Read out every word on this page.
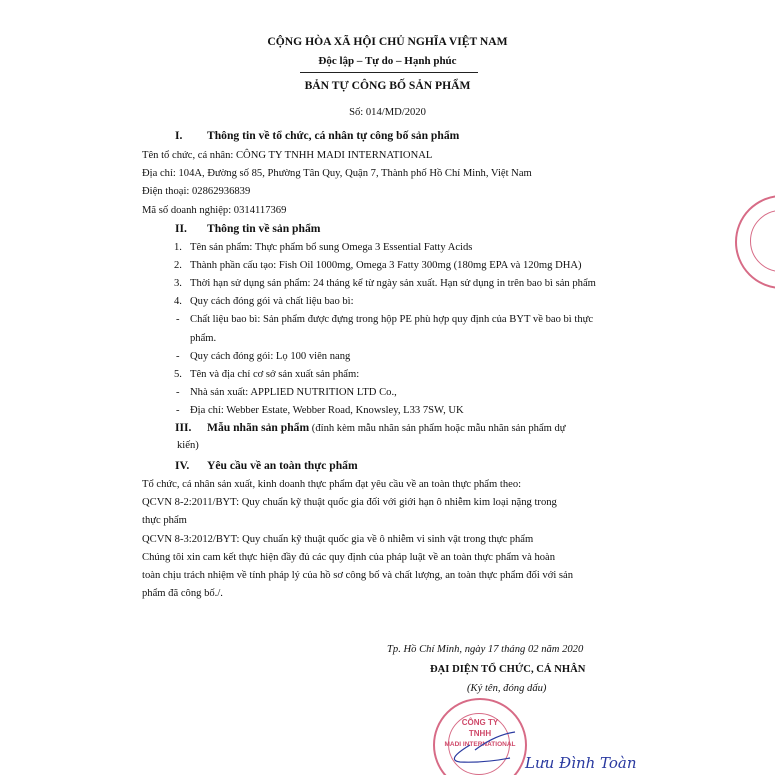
CỘNG HÒA XÃ HỘI CHỦ NGHĨA VIỆT NAM
Độc lập – Tự do – Hạnh phúc
BẢN TỰ CÔNG BỐ SẢN PHẨM
Số: 014/MD/2020
I. Thông tin về tổ chức, cá nhân tự công bố sản phẩm
Tên tổ chức, cá nhân: CÔNG TY TNHH MADI INTERNATIONAL
Địa chỉ: 104A, Đường số 85, Phường Tân Quy, Quận 7, Thành phố Hồ Chí Minh, Việt Nam
Điện thoại: 02862936839
Mã số doanh nghiệp: 0314117369
II. Thông tin về sản phẩm
1. Tên sản phẩm: Thực phẩm bổ sung Omega 3 Essential Fatty Acids
2. Thành phần cấu tạo: Fish Oil 1000mg, Omega 3 Fatty 300mg (180mg EPA và 120mg DHA)
3. Thời hạn sử dụng sản phẩm: 24 tháng kể từ ngày sản xuất. Hạn sử dụng in trên bao bì sản phẩm
4. Quy cách đóng gói và chất liệu bao bì:
- Chất liệu bao bì: Sản phẩm được đựng trong hộp PE phù hợp quy định của BYT về bao bì thực
phẩm.
- Quy cách đóng gói: Lọ 100 viên nang
5. Tên và địa chỉ cơ sở sản xuất sản phẩm:
- Nhà sản xuất: APPLIED NUTRITION LTD Co.,
- Địa chỉ: Webber Estate, Webber Road, Knowsley, L33 7SW, UK
III. Mẫu nhãn sản phẩm (đính kèm mẫu nhãn sản phẩm hoặc mẫu nhãn sản phẩm dự
kiến)
IV. Yêu cầu về an toàn thực phẩm
Tổ chức, cá nhân sản xuất, kinh doanh thực phẩm đạt yêu cầu về an toàn thực phẩm theo:
QCVN 8-2:2011/BYT: Quy chuẩn kỹ thuật quốc gia đối với giới hạn ô nhiễm kim loại nặng trong
thực phẩm
QCVN 8-3:2012/BYT: Quy chuẩn kỹ thuật quốc gia về ô nhiễm vi sinh vật trong thực phẩm
Chúng tôi xin cam kết thực hiện đầy đủ các quy định của pháp luật về an toàn thực phẩm và hoàn
toàn chịu trách nhiệm về tính pháp lý của hồ sơ công bố và chất lượng, an toàn thực phẩm đối với sản
phẩm đã công bố./.
Tp. Hồ Chí Minh, ngày 17 tháng 02 năm 2020
ĐẠI DIỆN TỔ CHỨC, CÁ NHÂN
(Ký tên, đóng dấu)
CÔNG TY
TNHH
MADI INTERNATIONAL
Lưu Đình Toàn
